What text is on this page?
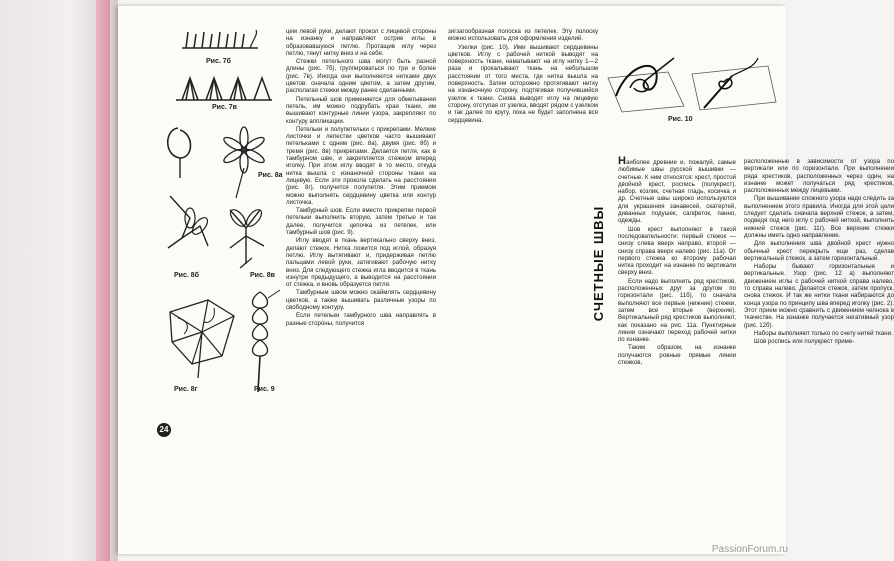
Рис. 7б
Рис. 7в
Рис. 8а
Рис. 8б	Рис. 8в
Рис. 8г	Рис. 9

цем левой руки, делают прокол с лицевой стороны на изнанку и направляют острие иглы в образовавшуюся петлю. Протащив иглу через петлю, тянут нитку вниз и на себя.

Стежки петельного шва могут быть разной длины (рис. 7б), группироваться по три и более (рис. 7в). Иногда они выполняются нитками двух цветов: сначала одним цветом, а затем другим, располагая стежки между ранее сделанными.

Петельный шов применяется для обметывания петель, им можно подрубать края ткани, им вышивают контурные линии узора, закрепляют по контуру аппликации.

Петельки и полупетельки с прикрепами. Мелкие листочки и лепестки цветков часто вышивают петельками с одним (рис. 8а), двумя (рис. 8б) и тремя (рис. 8в) прикрепами. Делается петля, как в тамбурном шве, и закрепляется стежком вперед иголку. При этом иглу вводят в то место, откуда нитка вышла с изнаночной стороны ткани на лицевую. Если эти прокола сделать на расстоянии (рис. 8г), получится полупетля. Этим приемом можно выполнять сердцевину цветка или контур листочка.

Тамбурный шов. Если вместо прикрепки первой петельки выполнить вторую, затем третью и так далее, получится цепочка из петелек, или тамбурный шов (рис. 9).

Иглу вводят в ткань вертикально сверху вниз, делают стежок. Нитка ложится под иглой, образуя петлю. Иглу вытягивают и, придерживая петлю пальцами левой руки, затягивают рабочую нитку вниз. Для следующего стежка игла вводится в ткань изнутри предыдущего, а выводится на расстоянии от стежка, и вновь образуется петля.

Тамбурным швом можно окаймлять сердцевину цветков, а также вышивать различные узоры по свободному контуру.

Если петельки тамбурного шва направлять в разные стороны, получится

зигзагообразная полоска из петелек. Эту полоску можно использовать для оформления изделий.

Узелки (рис. 10). Ими вышивают сердцевины цветков. Иглу с рабочей ниткой выводят на поверхность ткани, наматывают на иглу нитку 1—2 раза и прокалывают ткань на небольшом расстоянии от того места, где нитка вышла на поверхность. Затем осторожно протягивают нитку на изнаночную сторону, подтягивая получившийся узелок к ткани. Снова выводят иглу на лицевую сторону, отступая от узелка, вводят рядом с узелком и так далее по кругу, пока не будет заполнена вся сердцевина.	Рис. 10
СЧЕТНЫЕ ШВЫ

Наиболее древние и, пожалуй, самые любимые швы русской вышивки — счетные. К ним относятся: крест, простой двойной крест, роспись (полукрест), набор, козлик, счетная гладь, косичка и др. Счетные швы широко используются для украшения занавесей, скатертей, диванных подушек, салфеток, панно, одежды.

Шов крест выполняют в такой последовательности: первый стежок — снизу слева вверх направо, второй — снизу справа вверх налево (рис. 11а). От первого стежка ко второму рабочая нитка проходит на изнанке по вертикали сверху вниз.

Если надо выполнить ряд крестиков, расположенных друг за другом по горизонтали (рис. 11б), то сначала выполняют все первые (нижние) стежки, затем все вторые (верхние). Вертикальный ряд крестиков выполняют, как показано на рис. 11а. Пунктирные линии означают переход рабочей нитки по изнанке.

Таким образом, на изнанке получаются ровные прямые линии стежков,

расположенные в зависимости от узора по вертикали или по горизонтали. При выполнении ряда крестиков, расположенных через один, на изнанке может получаться ряд крестиков, расположенных между лицевыми.

При вышивании сложного узора надо следить за выполнением этого правила. Иногда для этой цели следует сделать сначала верхний стежок, а затем, подведя под него иглу с рабочей ниткой, выполнить нижний стежок (рис. 11г). Все верхние стежки должны иметь одно направление.

Для выполнения шва двойной крест нужно обычный крест перекрыть еще раз, сделав вертикальный стежок, а затем горизонтальный.

Наборы бывают горизонтальные и вертикальные. Узор (рис. 12 а) выполняют движением иглы с рабочей ниткой справа налево, то справа налево. Делается стежок, затем пропуск, снова стежок. И так же нитки ткани набираются до конца узора по принципу шва вперед иголку (рис. 2). Этот прием можно сравнить с движением челнока в ткачестве. На изнанке получается негативный узор (рис. 12б).

Наборы выполняют только по счету нитей ткани.

Шов роспись или полукрест приме-

24
PassionForum.ru
